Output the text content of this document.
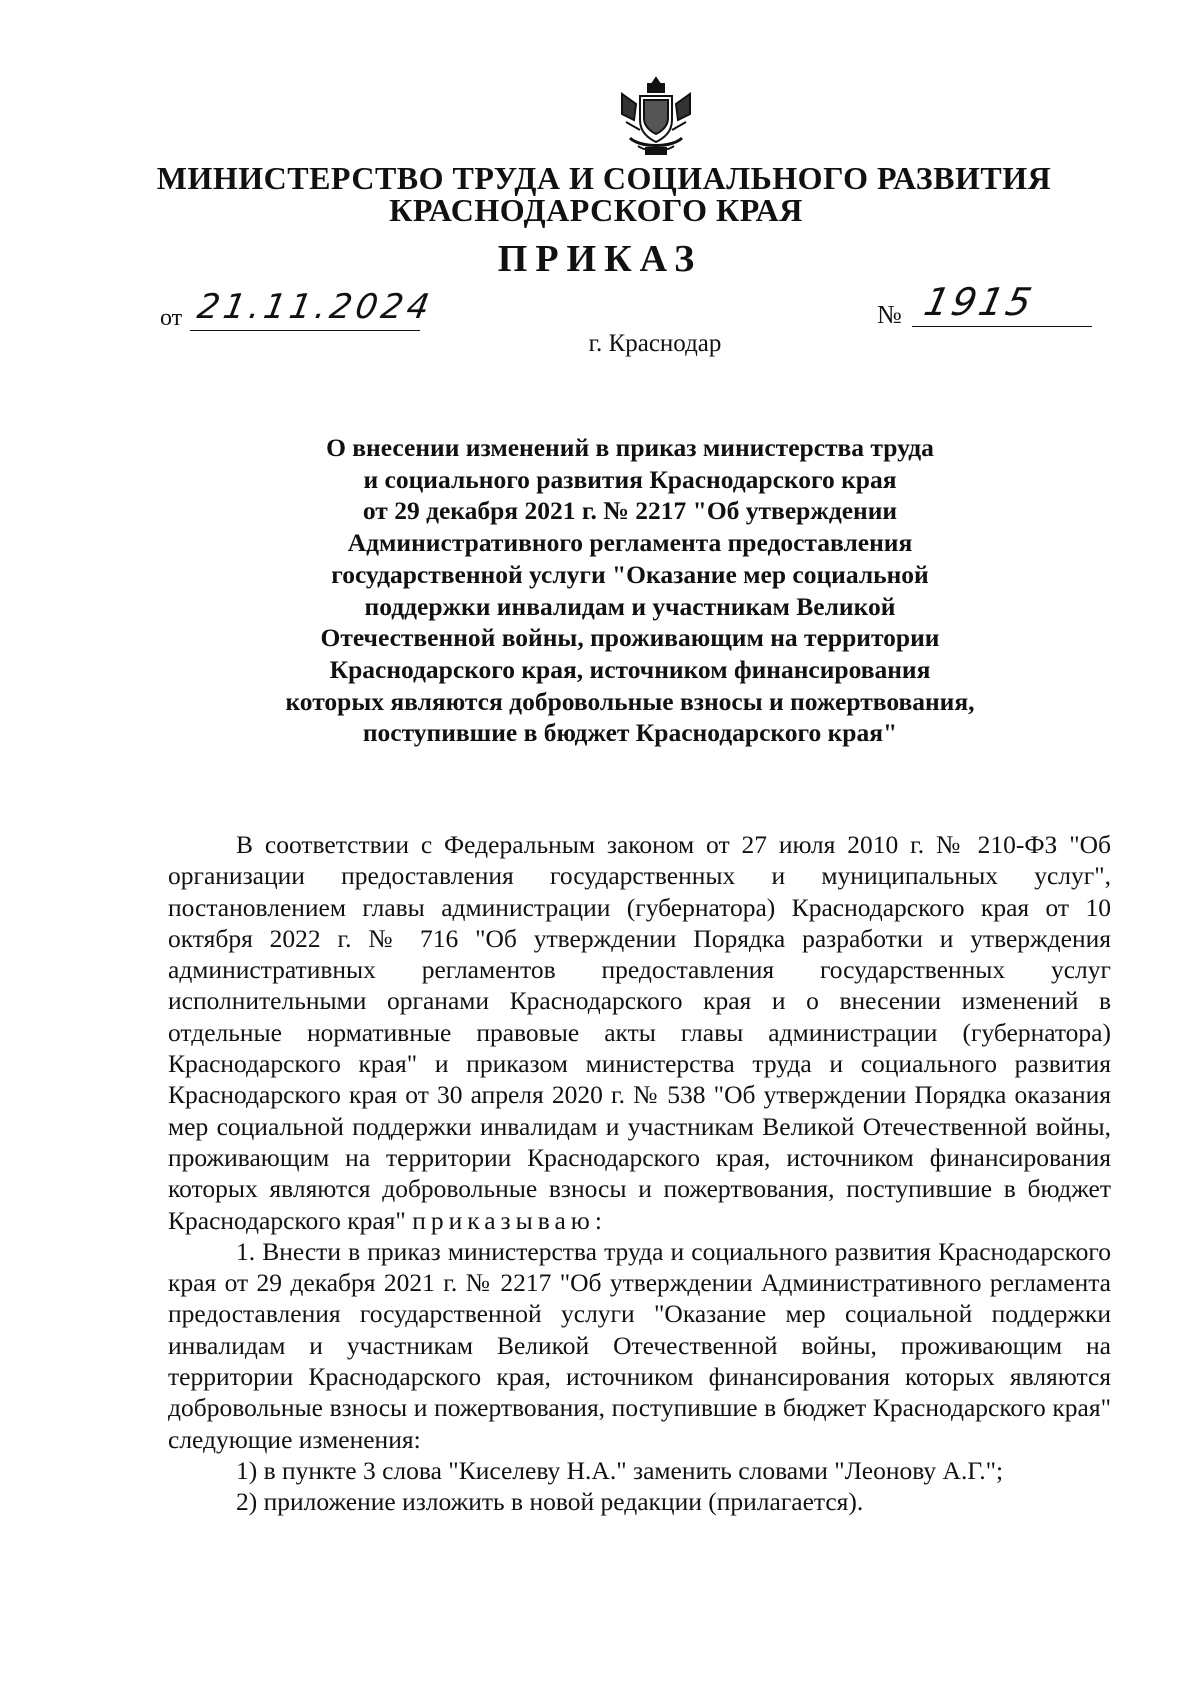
МИНИСТЕРСТВО ТРУДА И СОЦИАЛЬНОГО РАЗВИТИЯ
КРАСНОДАРСКОГО КРАЯ
ПРИКАЗ
от 21.11.2024	№ 1915
г. Краснодар
О внесении изменений в приказ министерства труда
и социального развития Краснодарского края
от 29 декабря 2021 г. № 2217 "Об утверждении
Административного регламента предоставления
государственной услуги "Оказание мер социальной
поддержки инвалидам и участникам Великой
Отечественной войны, проживающим на территории
Краснодарского края, источником финансирования
которых являются добровольные взносы и пожертвования,
поступившие в бюджет Краснодарского края"

В соответствии с Федеральным законом от 27 июля 2010 г. № 210-ФЗ "Об организации предоставления государственных и муниципальных услуг", постановлением главы администрации (губернатора) Краснодарского края от 10 октября 2022 г. № 716 "Об утверждении Порядка разработки и утверждения административных регламентов предоставления государственных услуг исполнительными органами Краснодарского края и о внесении изменений в отдельные нормативные правовые акты главы администрации (губернатора) Краснодарского края" и приказом министерства труда и социального развития Краснодарского края от 30 апреля 2020 г. № 538 "Об утверждении Порядка оказания мер социальной поддержки инвалидам и участникам Великой Отечественной войны, проживающим на территории Краснодарского края, источником финансирования которых являются добровольные взносы и пожертвования, поступившие в бюджет Краснодарского края" приказываю:

1. Внести в приказ министерства труда и социального развития Краснодарского края от 29 декабря 2021 г. № 2217 "Об утверждении Административного регламента предоставления государственной услуги "Оказание мер социальной поддержки инвалидам и участникам Великой Отечественной войны, проживающим на территории Краснодарского края, источником финансирования которых являются добровольные взносы и пожертвования, поступившие в бюджет Краснодарского края" следующие изменения:

1) в пункте 3 слова "Киселеву Н.А." заменить словами "Леонову А.Г.";

2) приложение изложить в новой редакции (прилагается).
